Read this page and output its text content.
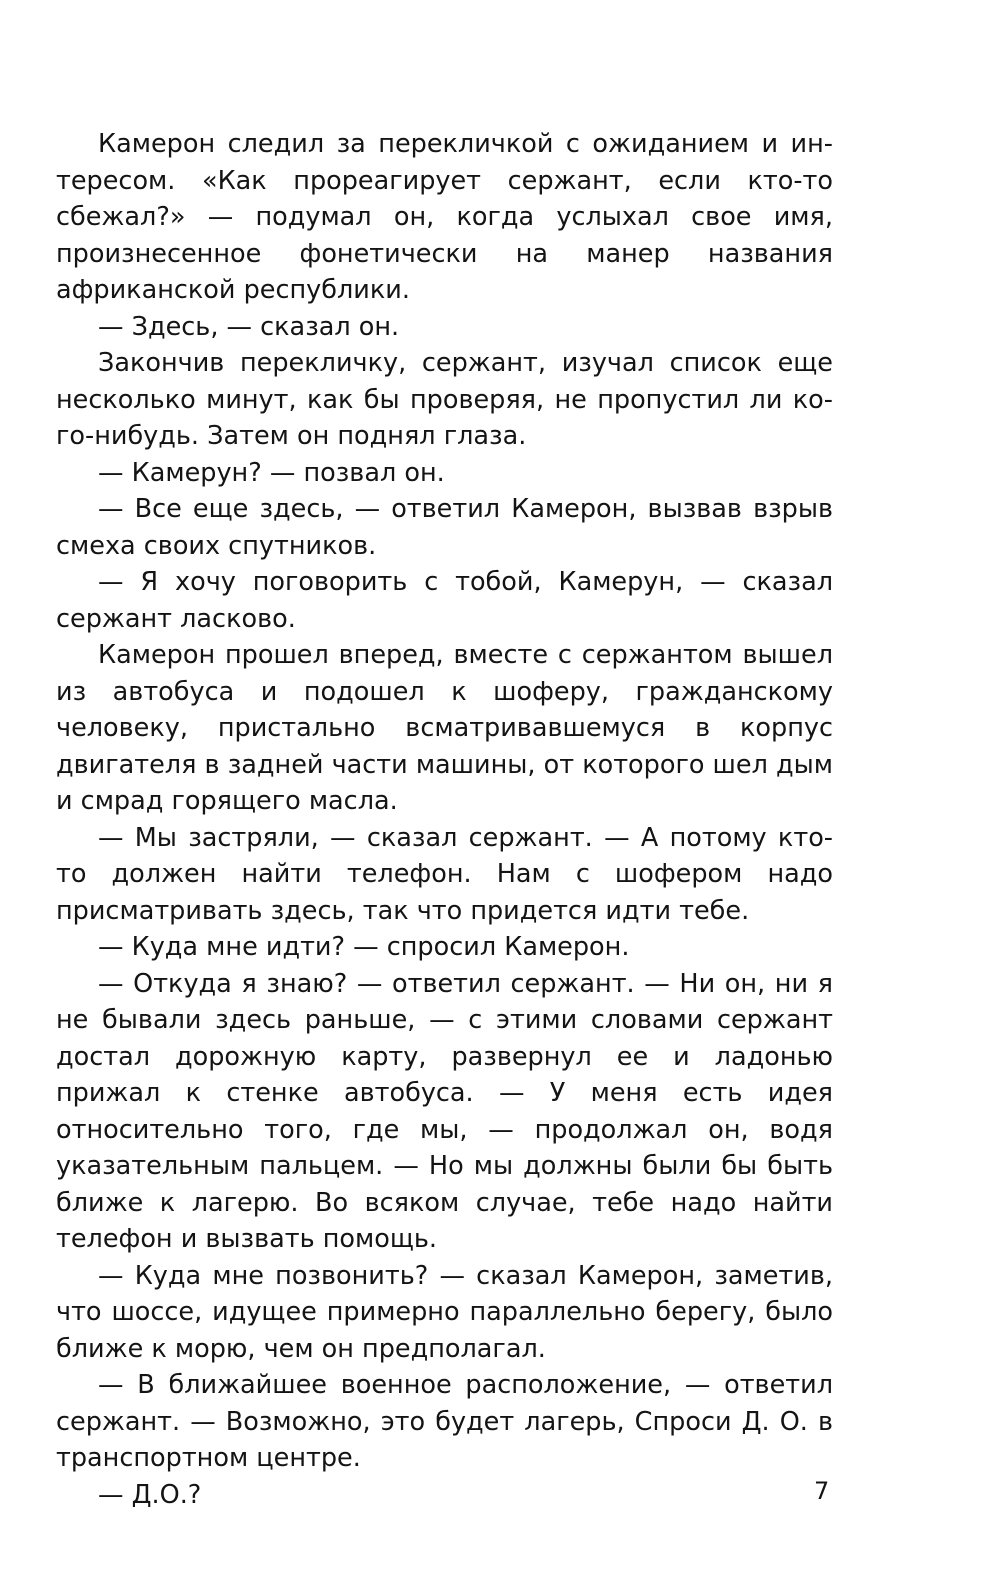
Камерон следил за перекличкой с ожиданием и интересом. «Как прореагирует сержант, если кто-то сбежал?» — подумал он, когда услыхал свое имя, произнесенное фонетически на манер названия африканской республики.

— Здесь, — сказал он.

Закончив перекличку, сержант, изучал список еще несколько минут, как бы проверяя, не пропустил ли кого-нибудь. Затем он поднял глаза.

— Камерун? — позвал он.

— Все еще здесь, — ответил Камерон, вызвав взрыв смеха своих спутников.

— Я хочу поговорить с тобой, Камерун, — сказал сержант ласково.

Камерон прошел вперед, вместе с сержантом вышел из автобуса и подошел к шоферу, гражданскому человеку, пристально всматривавшемуся в корпус двигателя в задней части машины, от которого шел дым и смрад горящего масла.

— Мы застряли, — сказал сержант. — А потому кто-то должен найти телефон. Нам с шофером надо присматривать здесь, так что придется идти тебе.

— Куда мне идти? — спросил Камерон.

— Откуда я знаю? — ответил сержант. — Ни он, ни я не бывали здесь раньше, — с этими словами сержант достал дорожную карту, развернул ее и ладонью прижал к стенке автобуса. — У меня есть идея относительно того, где мы, — продолжал он, водя указательным пальцем. — Но мы должны были бы быть ближе к лагерю. Во всяком случае, тебе надо найти телефон и вызвать помощь.

— Куда мне позвонить? — сказал Камерон, заметив, что шоссе, идущее примерно параллельно берегу, было ближе к морю, чем он предполагал.

— В ближайшее военное расположение, — ответил сержант. — Возможно, это будет лагерь, Спроси Д. О. в транспортном центре.

— Д.О.?	7
